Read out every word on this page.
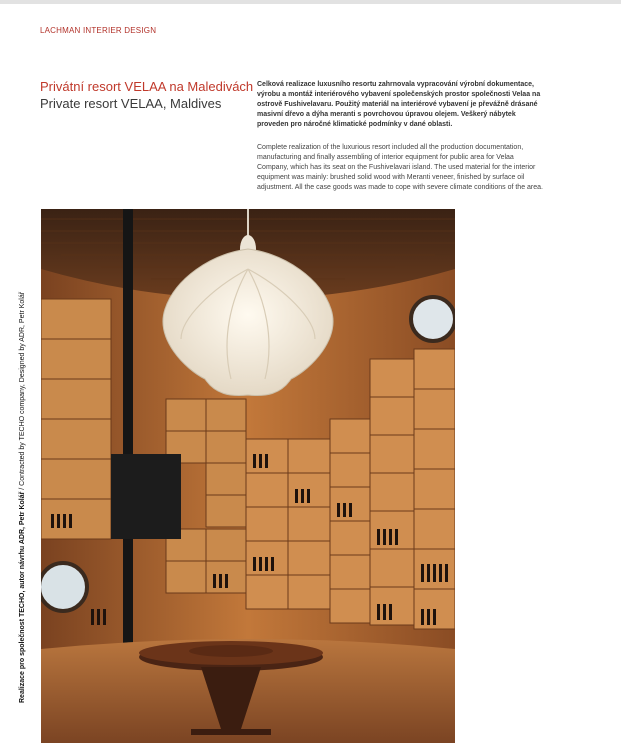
LACHMAN INTERIER DESIGN
Privátní resort VELAA na Maledivách
Private resort VELAA, Maldives
Celková realizace luxusního resortu zahrnovala vypracování výrobní dokumentace, výrobu a montáž interiérového vybavení společenských prostor společnosti Velaa na ostrově Fushivelavaru. Použitý materiál na interiérové vybavení je převážně drásané masivní dřevo a dýha meranti s povrchovou úpravou olejem. Veškerý nábytek proveden pro náročné klimatické podmínky v dané oblasti.
Complete realization of the luxurious resort included all the production documentation, manufacturing and finally assembling of interior equipment for public area for Velaa Company, which has its seat on the Fushivelavari island. The used material for the interior equipment was mainly: brushed solid wood with Meranti veneer, finished by surface oil adjustment. All the case goods was made to cope with severe climate conditions of the area.
Realizace pro společnost TECHO, autor návrhu ADR, Petr Kolář / Contracted by TECHO company, Designed by ADR, Petr Kolář
